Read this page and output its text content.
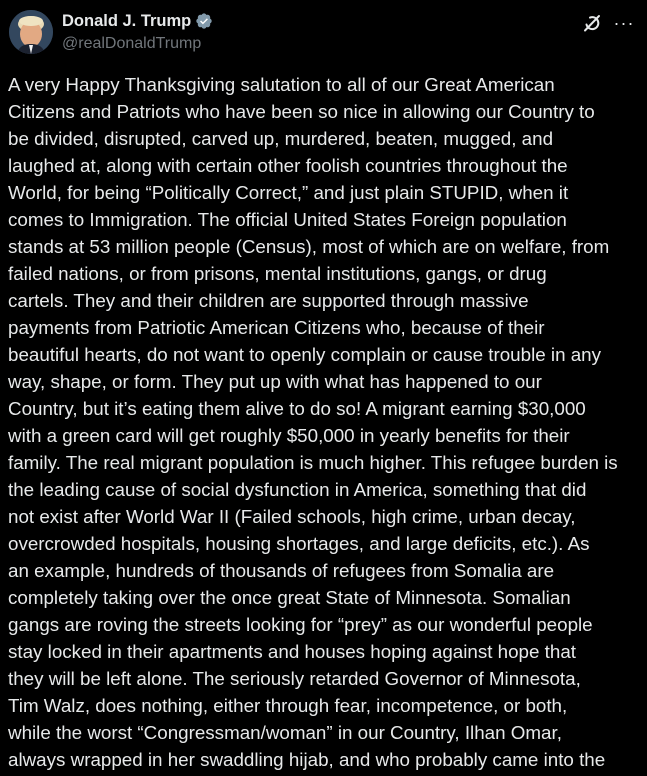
Donald J. Trump
@realDonaldTrump
···

A very Happy Thanksgiving salutation to all of our Great American
Citizens and Patriots who have been so nice in allowing our Country to
be divided, disrupted, carved up, murdered, beaten, mugged, and
laughed at, along with certain other foolish countries throughout the
World, for being “Politically Correct,” and just plain STUPID, when it
comes to Immigration. The official United States Foreign population
stands at 53 million people (Census), most of which are on welfare, from
failed nations, or from prisons, mental institutions, gangs, or drug
cartels. They and their children are supported through massive
payments from Patriotic American Citizens who, because of their
beautiful hearts, do not want to openly complain or cause trouble in any
way, shape, or form. They put up with what has happened to our
Country, but it’s eating them alive to do so! A migrant earning $30,000
with a green card will get roughly $50,000 in yearly benefits for their
family. The real migrant population is much higher. This refugee burden is
the leading cause of social dysfunction in America, something that did
not exist after World War II (Failed schools, high crime, urban decay,
overcrowded hospitals, housing shortages, and large deficits, etc.). As
an example, hundreds of thousands of refugees from Somalia are
completely taking over the once great State of Minnesota. Somalian
gangs are roving the streets looking for “prey” as our wonderful people
stay locked in their apartments and houses hoping against hope that
they will be left alone. The seriously retarded Governor of Minnesota,
Tim Walz, does nothing, either through fear, incompetence, or both,
while the worst “Congressman/woman” in our Country, Ilhan Omar,
always wrapped in her swaddling hijab, and who probably came into the
